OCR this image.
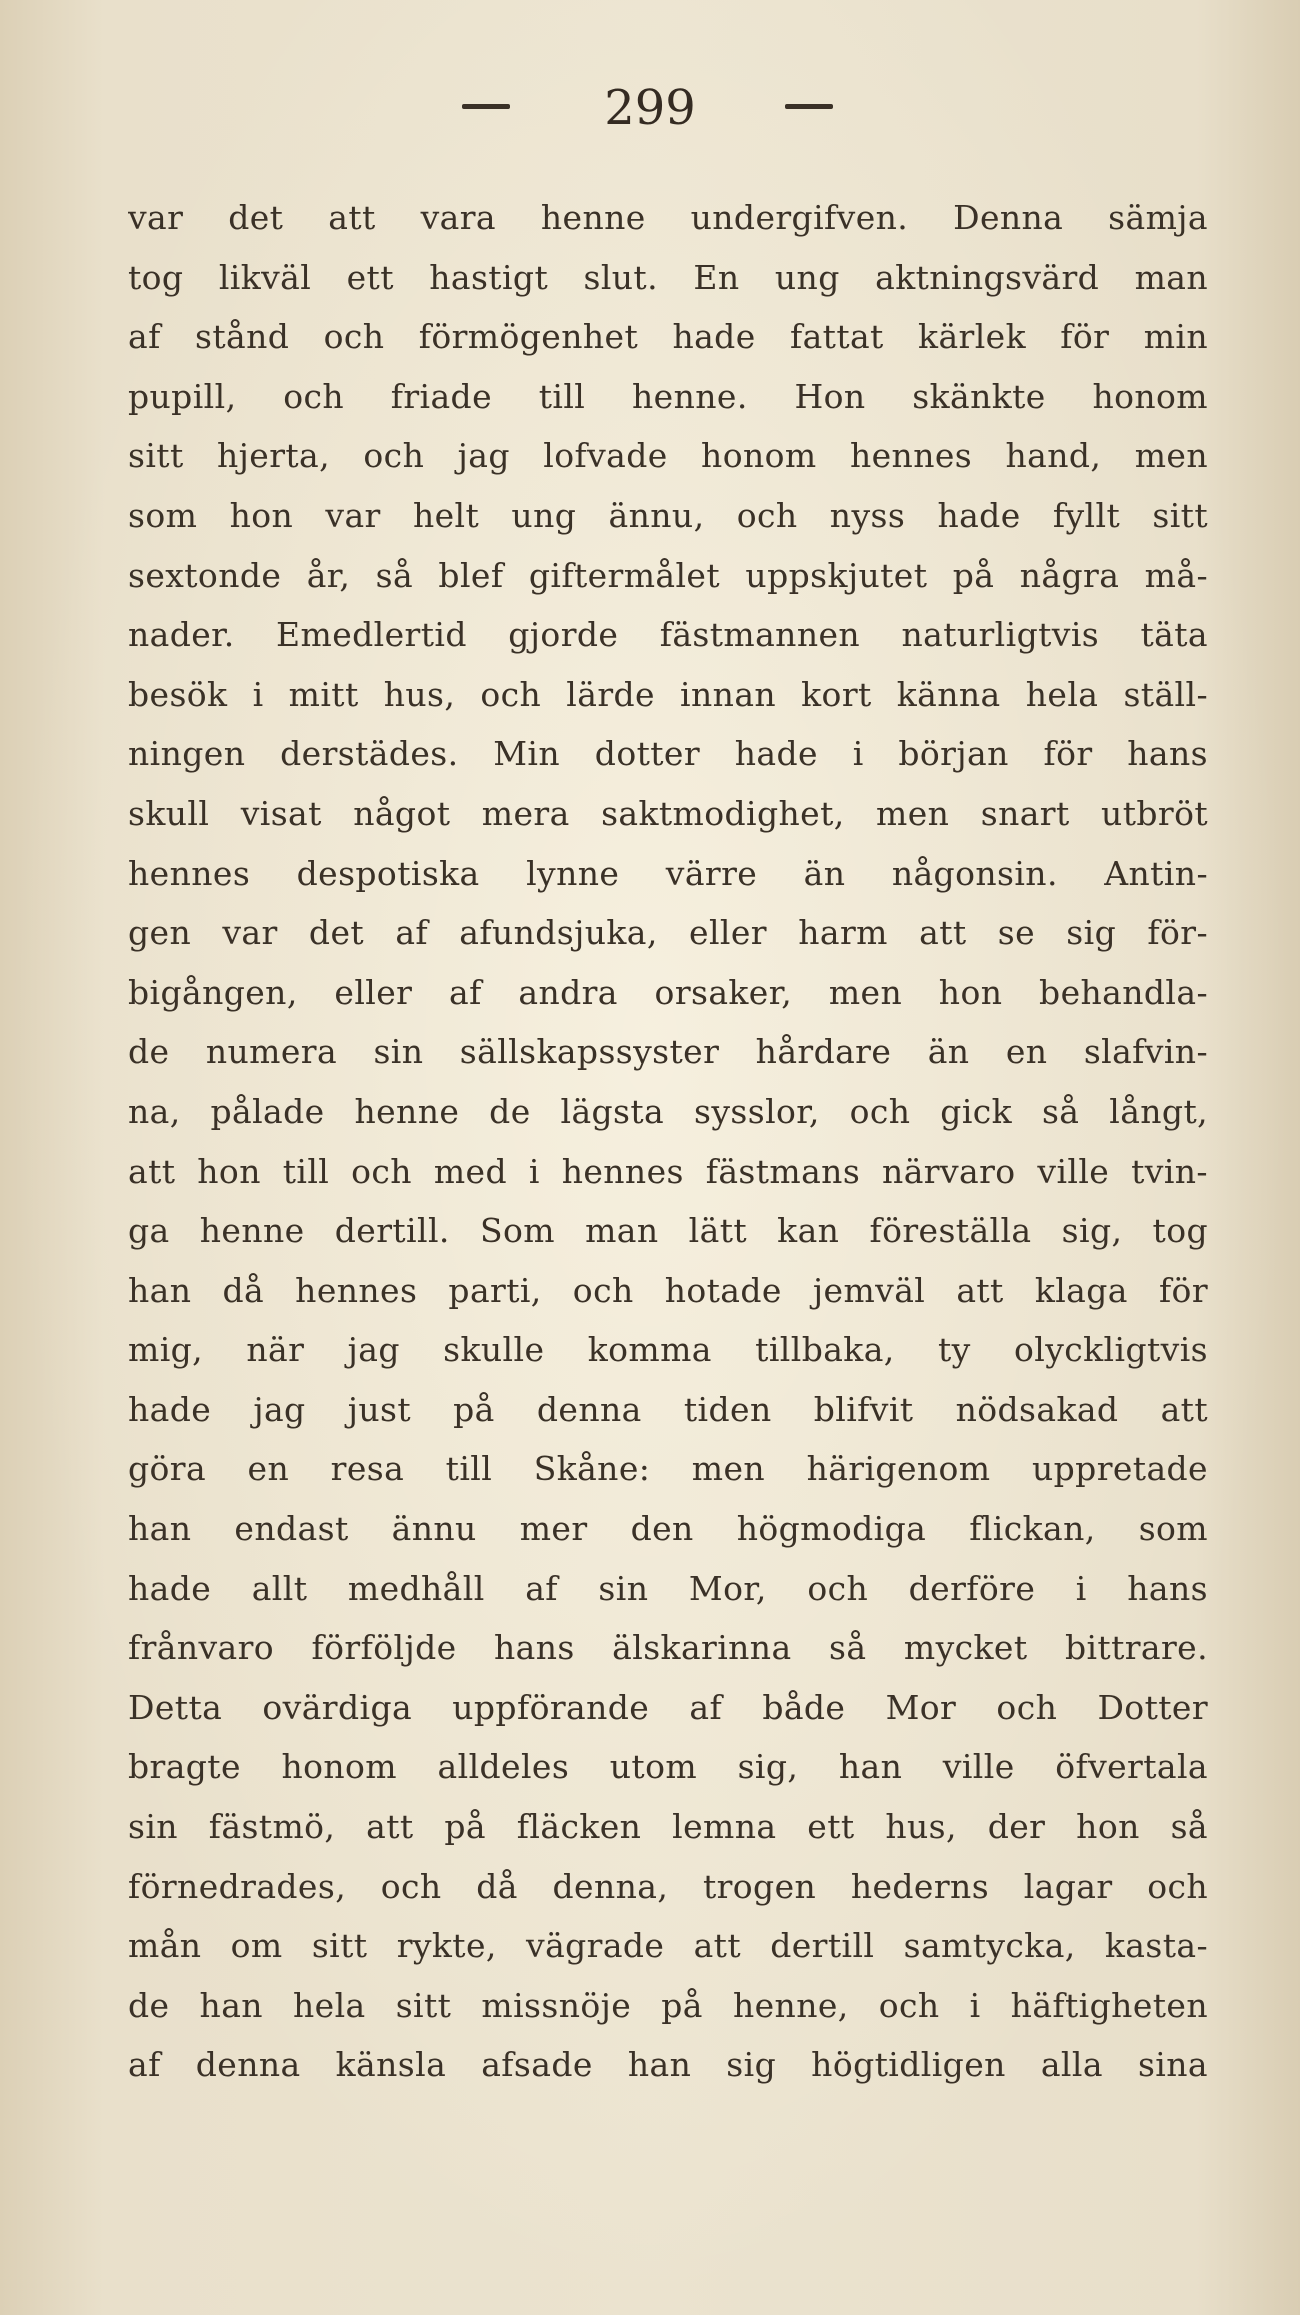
299
var det att vara henne undergifven. Denna sämja
tog likväl ett hastigt slut. En ung aktningsvärd man
af stånd och förmögenhet hade fattat kärlek för min
pupill, och friade till henne. Hon skänkte honom
sitt hjerta, och jag lofvade honom hennes hand, men
som hon var helt ung ännu, och nyss hade fyllt sitt
sextonde år, så blef giftermålet uppskjutet på några må-
nader. Emedlertid gjorde fästmannen naturligtvis täta
besök i mitt hus, och lärde innan kort känna hela ställ-
ningen derstädes. Min dotter hade i början för hans
skull visat något mera saktmodighet, men snart utbröt
hennes despotiska lynne värre än någonsin. Antin-
gen var det af afundsjuka, eller harm att se sig för-
bigången, eller af andra orsaker, men hon behandla-
de numera sin sällskapssyster hårdare än en slafvin-
na, pålade henne de lägsta sysslor, och gick så långt,
att hon till och med i hennes fästmans närvaro ville tvin-
ga henne dertill. Som man lätt kan föreställa sig, tog
han då hennes parti, och hotade jemväl att klaga för
mig, när jag skulle komma tillbaka, ty olyckligtvis
hade jag just på denna tiden blifvit nödsakad att
göra en resa till Skåne: men härigenom uppretade
han endast ännu mer den högmodiga flickan, som
hade allt medhåll af sin Mor, och derföre i hans
frånvaro förföljde hans älskarinna så mycket bittrare.
Detta ovärdiga uppförande af både Mor och Dotter
bragte honom alldeles utom sig, han ville öfvertala
sin fästmö, att på fläcken lemna ett hus, der hon så
förnedrades, och då denna, trogen hederns lagar och
mån om sitt rykte, vägrade att dertill samtycka, kasta-
de han hela sitt missnöje på henne, och i häftigheten
af denna känsla afsade han sig högtidligen alla sina
